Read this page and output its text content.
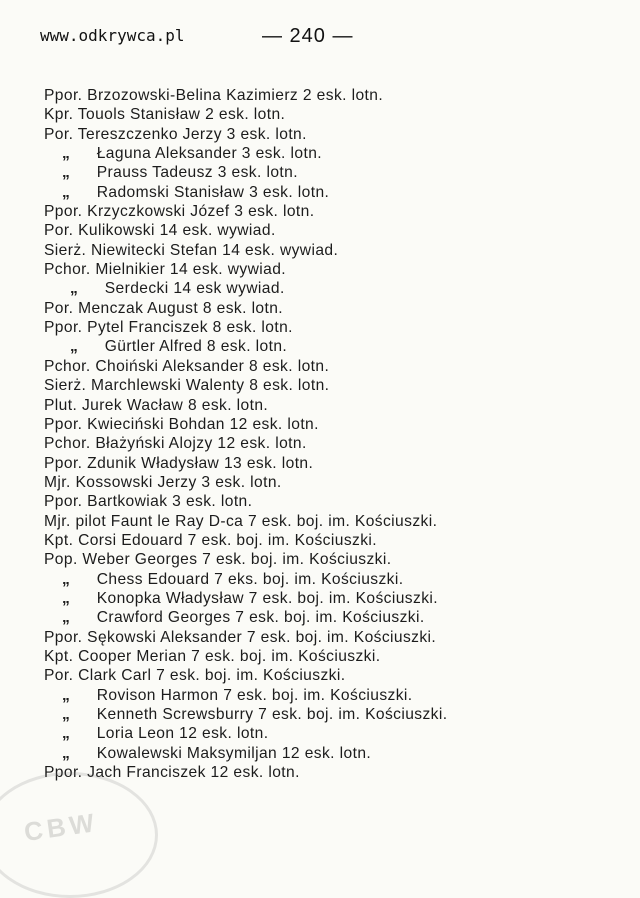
www.odkrywca.pl	— 240 —
Ppor. Brzozowski-Belina Kazimierz 2 esk. lotn.
Kpr. Touols Stanisław 2 esk. lotn.
Por. Tereszczenko Jerzy 3 esk. lotn.
„ Łaguna Aleksander 3 esk. lotn.
„ Prauss Tadeusz 3 esk. lotn.
„ Radomski Stanisław 3 esk. lotn.
Ppor. Krzyczkowski Józef 3 esk. lotn.
Por. Kulikowski 14 esk. wywiad.
Sierż. Niewitecki Stefan 14 esk. wywiad.
Pchor. Mielnikier 14 esk. wywiad.
„ Serdecki 14 esk wywiad.
Por. Menczak August 8 esk. lotn.
Ppor. Pytel Franciszek 8 esk. lotn.
„ Gürtler Alfred 8 esk. lotn.
Pchor. Choiński Aleksander 8 esk. lotn.
Sierż. Marchlewski Walenty 8 esk. lotn.
Plut. Jurek Wacław 8 esk. lotn.
Ppor. Kwieciński Bohdan 12 esk. lotn.
Pchor. Błażyński Alojzy 12 esk. lotn.
Ppor. Zdunik Władysław 13 esk. lotn.
Mjr. Kossowski Jerzy 3 esk. lotn.
Ppor. Bartkowiak 3 esk. lotn.
Mjr. pilot Faunt le Ray D-ca 7 esk. boj. im. Kościuszki.
Kpt. Corsi Edouard 7 esk. boj. im. Kościuszki.
Pop. Weber Georges 7 esk. boj. im. Kościuszki.
„ Chess Edouard 7 eks. boj. im. Kościuszki.
„ Konopka Władysław 7 esk. boj. im. Kościuszki.
„ Crawford Georges 7 esk. boj. im. Kościuszki.
Ppor. Sękowski Aleksander 7 esk. boj. im. Kościuszki.
Kpt. Cooper Merian 7 esk. boj. im. Kościuszki.
Por. Clark Carl 7 esk. boj. im. Kościuszki.
„ Rovison Harmon 7 esk. boj. im. Kościuszki.
„ Kenneth Screwsburry 7 esk. boj. im. Kościuszki.
„ Loria Leon 12 esk. lotn.
„ Kowalewski Maksymiljan 12 esk. lotn.
Ppor. Jach Franciszek 12 esk. lotn.
CBW
